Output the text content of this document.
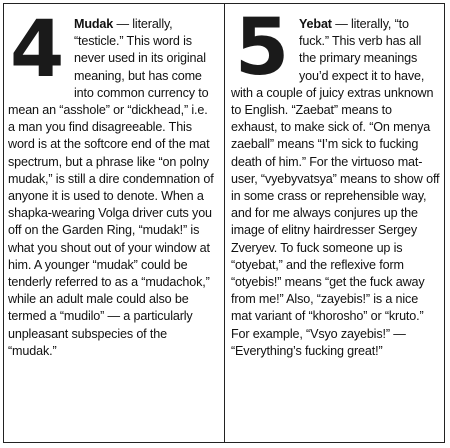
4 Mudak — literally, “testicle.” This word is never used in its original meaning, but has come into common currency to mean an “asshole” or “dickhead,” i.e. a man you find disagreeable. This word is at the softcore end of the mat spectrum, but a phrase like “on polny mudak,” is still a dire condemnation of anyone it is used to denote. When a shapka-wearing Volga driver cuts you off on the Garden Ring, “mudak!” is what you shout out of your window at him. A younger “mudak” could be tenderly referred to as a “mudachok,” while an adult male could also be termed a “mudilo” — a particularly unpleasant subspecies of the “mudak.”

5 Yebat — literally, “to fuck.” This verb has all the primary meanings you’d expect it to have, with a couple of juicy extras unknown to English. “Zaebat” means to exhaust, to make sick of. “On menya zaeball” means “I’m sick to fucking death of him.” For the virtuoso mat-user, “vyebyvatsya” means to show off in some crass or reprehensible way, and for me always conjures up the image of elitny hairdresser Sergey Zveryev. To fuck someone up is “otyebat,” and the reflexive form “otyebis!” means “get the fuck away from me!” Also, “zayebis!” is a nice mat variant of “khorosho” or “kruto.” For example, “Vsyo zayebis!” — “Everything’s fucking great!”
